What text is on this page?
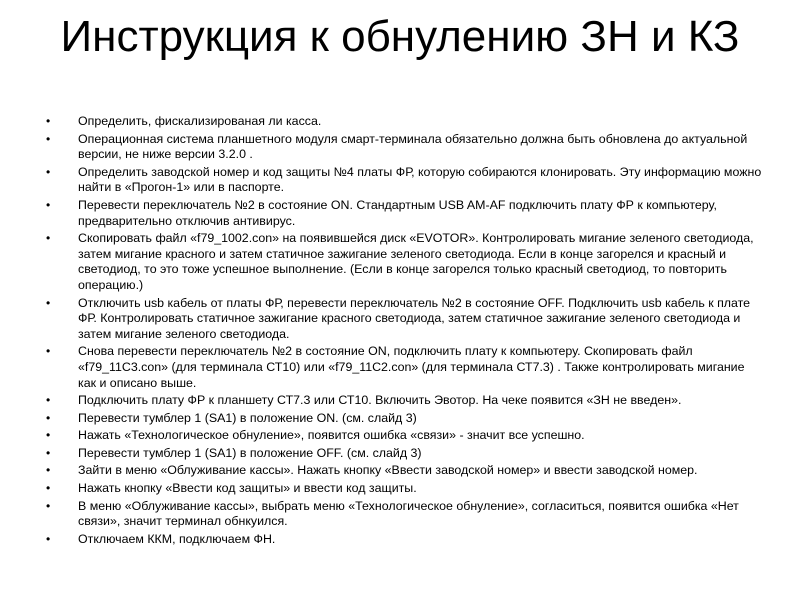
Инструкция к обнулению ЗН и КЗ
• Определить, фискализированая ли касса.
• Операционная система планшетного модуля смарт-терминала обязательно должна быть обновлена до актуальной версии, не ниже версии 3.2.0 .
• Определить заводской номер и код защиты №4 платы ФР, которую собираются клонировать. Эту информацию можно найти в «Прогон-1» или в паспорте.
• Перевести переключатель №2 в состояние ON. Стандартным USB AM-AF подключить плату ФР к компьютеру, предварительно отключив антивирус.
• Скопировать файл «f79_1002.con» на появившейся диск «EVOTOR». Контролировать мигание зеленого светодиода, затем мигание красного и затем статичное зажигание зеленого светодиода. Если в конце загорелся и красный и светодиод, то это тоже успешное выполнение. (Если в конце загорелся только красный светодиод, то повторить операцию.)
• Отключить usb кабель от платы ФР, перевести переключатель №2 в состояние OFF. Подключить usb кабель к плате ФР. Контролировать статичное зажигание красного светодиода, затем статичное зажигание зеленого светодиода и затем мигание зеленого светодиода.
• Снова перевести переключатель №2 в состояние ON, подключить плату к компьютеру. Скопировать файл «f79_11C3.con» (для терминала СТ10) или «f79_11C2.con» (для терминала СТ7.3) . Также контролировать мигание как и описано выше.
• Подключить плату ФР к планшету СТ7.3 или СТ10. Включить Эвотор. На чеке появится «ЗН не введен».
• Перевести тумблер 1 (SA1) в положение ON. (см. слайд 3)
• Нажать «Технологическое обнуление», появится ошибка «связи» - значит все успешно.
• Перевести тумблер 1 (SA1) в положение OFF. (см. слайд 3)
• Зайти в меню «Облуживание кассы». Нажать кнопку «Ввести заводской номер» и ввести заводской номер.
• Нажать кнопку «Ввести код защиты» и ввести код защиты.
• В меню «Облуживание кассы», выбрать меню «Технологическое обнуление», согласиться, появится ошибка «Нет связи», значит терминал обнкуился.
• Отключаем ККМ, подключаем ФН.
